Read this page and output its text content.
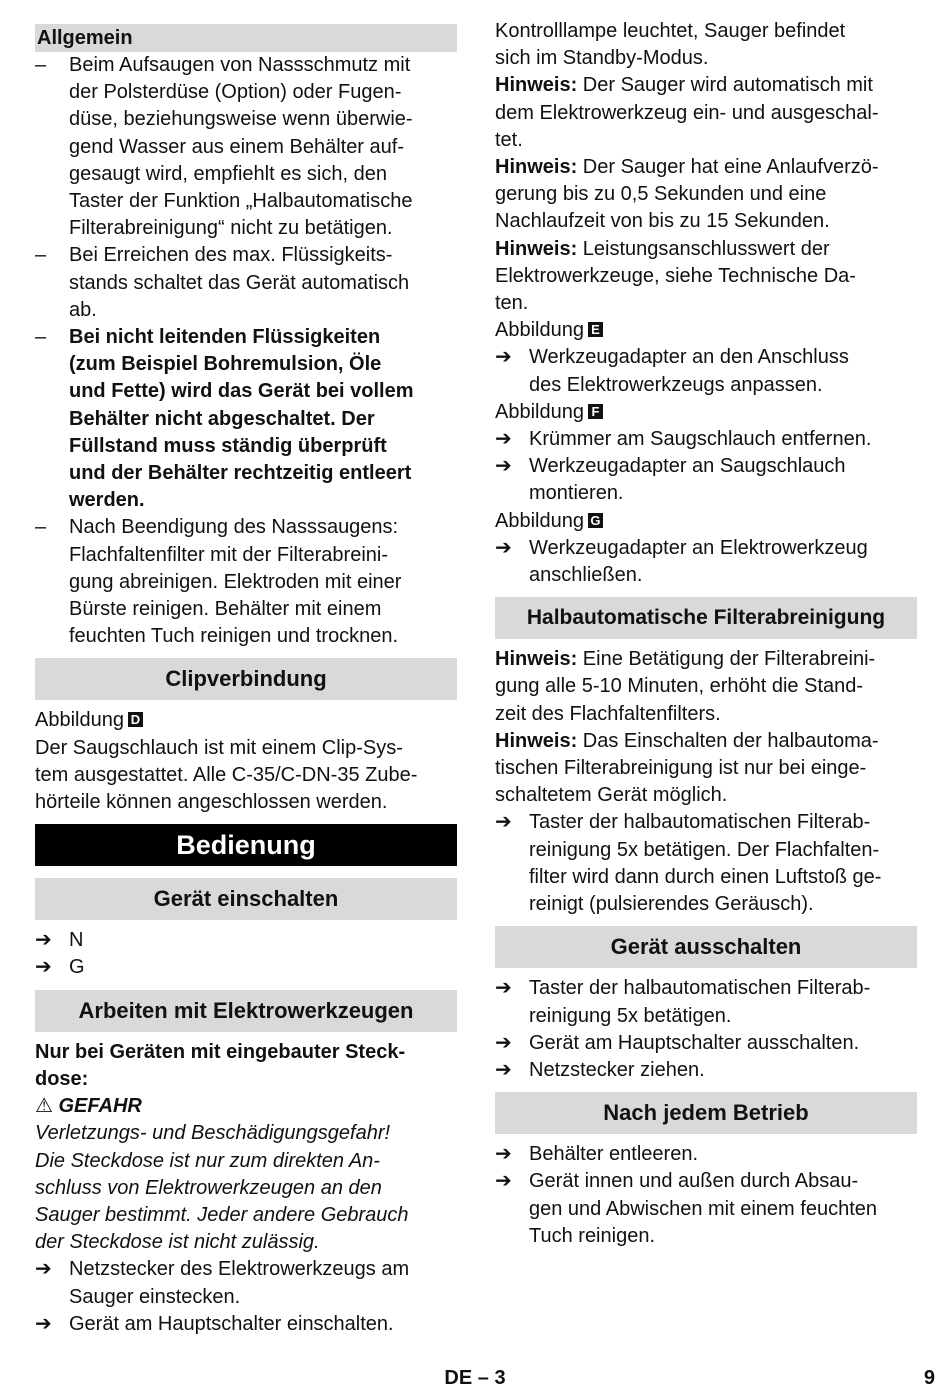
Allgemein
–	Beim Aufsaugen von Nassschmutz mit
der Polsterdüse (Option) oder Fugen-
düse, beziehungsweise wenn überwie-
gend Wasser aus einem Behälter auf-
gesaugt wird, empfiehlt es sich, den
Taster der Funktion „Halbautomatische
Filterabreinigung“ nicht zu betätigen.
–	Bei Erreichen des max. Flüssigkeits-
stands schaltet das Gerät automatisch
ab.
–	Bei nicht leitenden Flüssigkeiten
(zum Beispiel Bohremulsion, Öle
und Fette) wird das Gerät bei vollem
Behälter nicht abgeschaltet. Der
Füllstand muss ständig überprüft
und der Behälter rechtzeitig entleert
werden.
–	Nach Beendigung des Nasssaugens:
Flachfaltenfilter mit der Filterabreini-
gung abreinigen. Elektroden mit einer
Bürste reinigen. Behälter mit einem
feuchten Tuch reinigen und trocknen.
Clipverbindung

Abbildung D

Der Saugschlauch ist mit einem Clip-Sys-
tem ausgestattet. Alle C-35/C-DN-35 Zube-
hörteile können angeschlossen werden.
Bedienung
Gerät einschalten
➔ N
➔ G
Arbeiten mit Elektrowerkzeugen
Nur bei Geräten mit eingebauter Steck-
dose:

⚠ GEFAHR

Verletzungs- und Beschädigungsgefahr!
Die Steckdose ist nur zum direkten An-
schluss von Elektrowerkzeugen an den
Sauger bestimmt. Jeder andere Gebrauch
der Steckdose ist nicht zulässig.
➔ Netzstecker des Elektrowerkzeugs am
Sauger einstecken.
➔ Gerät am Hauptschalter einschalten.
Kontrolllampe leuchtet, Sauger befindet
sich im Standby-Modus.
Hinweis: Der Sauger wird automatisch mit
dem Elektrowerkzeug ein- und ausgeschal-
tet.
Hinweis: Der Sauger hat eine Anlaufverzö-
gerung bis zu 0,5 Sekunden und eine
Nachlaufzeit von bis zu 15 Sekunden.
Hinweis: Leistungsanschlusswert der
Elektrowerkzeuge, siehe Technische Da-
ten.

Abbildung E

➔ Werkzeugadapter an den Anschluss
des Elektrowerkzeugs anpassen.

Abbildung F

➔ Krümmer am Saugschlauch entfernen.
➔ Werkzeugadapter an Saugschlauch
montieren.

Abbildung G

➔ Werkzeugadapter an Elektrowerkzeug
anschließen.
Halbautomatische Filterabreinigung
Hinweis: Eine Betätigung der Filterabreini-
gung alle 5-10 Minuten, erhöht die Stand-
zeit des Flachfaltenfilters.
Hinweis: Das Einschalten der halbautoma-
tischen Filterabreinigung ist nur bei einge-
schaltetem Gerät möglich.
➔ Taster der halbautomatischen Filterab-
reinigung 5x betätigen. Der Flachfalten-
filter wird dann durch einen Luftstoß ge-
reinigt (pulsierendes Geräusch).
Gerät ausschalten
➔ Taster der halbautomatischen Filterab-
reinigung 5x betätigen.
➔ Gerät am Hauptschalter ausschalten.
➔ Netzstecker ziehen.
Nach jedem Betrieb
➔ Behälter entleeren.
➔ Gerät innen und außen durch Absau-
gen und Abwischen mit einem feuchten
Tuch reinigen.
DE – 3	9
